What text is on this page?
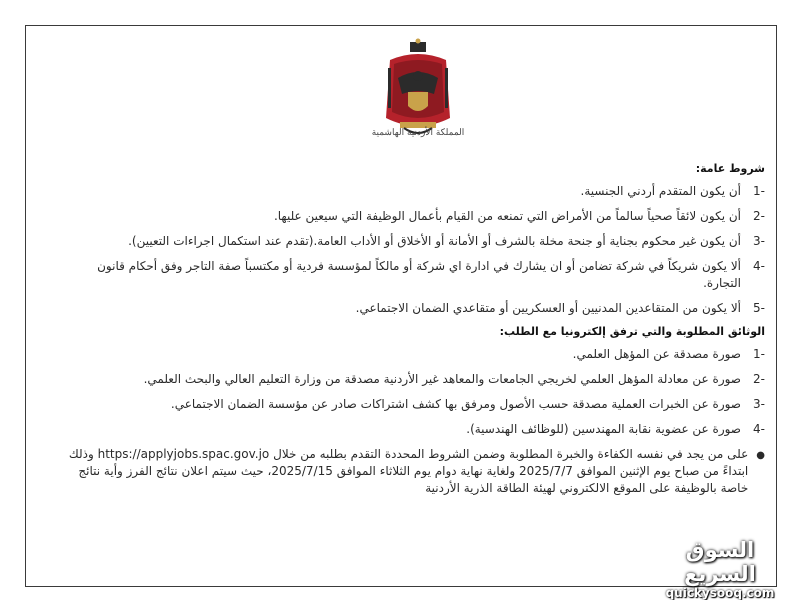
المملكة الأردنية الهاشمية
شروط عامة:
-1
أن يكون المتقدم أردني الجنسية.
-2
أن يكون لائقاً صحياً سالماً من الأمراض التي تمنعه من القيام بأعمال الوظيفة التي سيعين عليها.
-3
أن يكون غير محكوم بجناية أو جنحة مخلة بالشرف أو الأمانة أو الأخلاق أو الأداب العامة.(تقدم عند استكمال اجراءات التعيين).
-4
ألا يكون شريكاً في شركة تضامن أو ان يشارك في ادارة اي شركة أو مالكاً لمؤسسة فردية أو مكتسباً صفة التاجر وفق أحكام قانون التجارة.
-5
ألا يكون من المتقاعدين المدنيين أو العسكريين أو متقاعدي الضمان الاجتماعي.
الوثائق المطلوبة والتي ترفق إلكترونيا مع الطلب:
-1
صورة مصدقة عن المؤهل العلمي.
-2
صورة عن معادلة المؤهل العلمي لخريجي الجامعات والمعاهد غير الأردنية مصدقة من وزارة التعليم العالي والبحث العلمي.
-3
صورة عن الخبرات العملية مصدقة حسب الأصول ومرفق بها كشف اشتراكات صادر عن مؤسسة الضمان الاجتماعي.
-4
صورة عن عضوية نقابة المهندسين (للوظائف الهندسية).
●
على من يجد في نفسه الكفاءة والخبرة المطلوبة وضمن الشروط المحددة التقدم بطلبه من خلال https://applyjobs.spac.gov.jo وذلك ابتداءً من صباح يوم الإثنين الموافق 2025/7/7 ولغاية نهاية دوام يوم الثلاثاء الموافق 2025/7/15، حيث سيتم اعلان نتائج الفرز وأية نتائج خاصة بالوظيفة على الموقع الالكتروني لهيئة الطاقة الذرية الأردنية
السوق السريع
quickysooq.com
